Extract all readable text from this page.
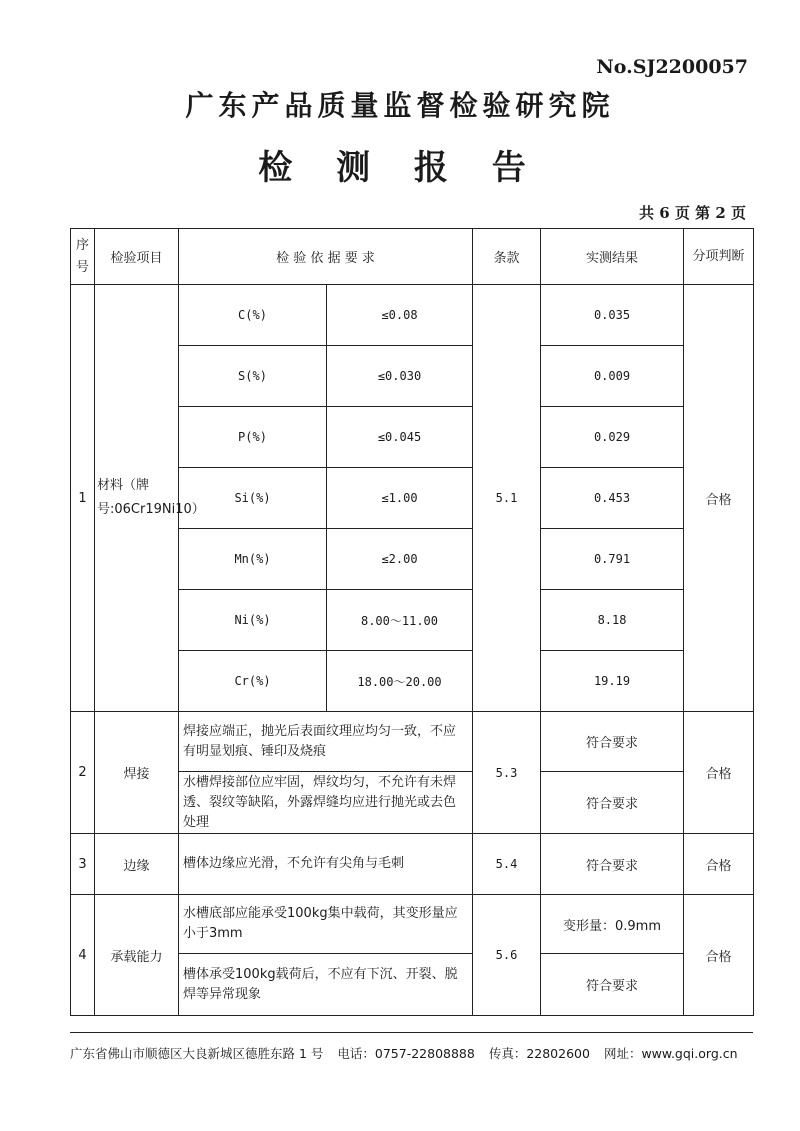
No.SJ2200057
广东产品质量监督检验研究院
检 测 报 告
共 6 页 第 2 页
序号	检验项目	检 验 依 据 要 求		条款	实测结果	分项判断
1	材料（牌号:06Cr19Ni10）	C(%)	≤0.08	5.1	0.035	合格
		S(%)	≤0.030		0.009	
		P(%)	≤0.045		0.029	
		Si(%)	≤1.00		0.453	
		Mn(%)	≤2.00		0.791	
		Ni(%)	8.00～11.00		8.18	
		Cr(%)	18.00～20.00		19.19	
2	焊接	焊接应端正，抛光后表面纹理应均匀一致，不应有明显划痕、锤印及烧痕		5.3	符合要求	合格
		水槽焊接部位应牢固，焊纹均匀，不允许有未焊透、裂纹等缺陷，外露焊缝均应进行抛光或去色处理			符合要求	
3	边缘	槽体边缘应光滑，不允许有尖角与毛刺		5.4	符合要求	合格
4	承载能力	水槽底部应能承受100kg集中载荷，其变形量应小于3mm		5.6	变形量：0.9mm	合格
		槽体承受100kg载荷后，不应有下沉、开裂、脱焊等异常现象			符合要求	
广东省佛山市顺德区大良新城区德胜东路 1 号 电话：0757-22808888 传真：22802600 网址：www.gqi.org.cn
